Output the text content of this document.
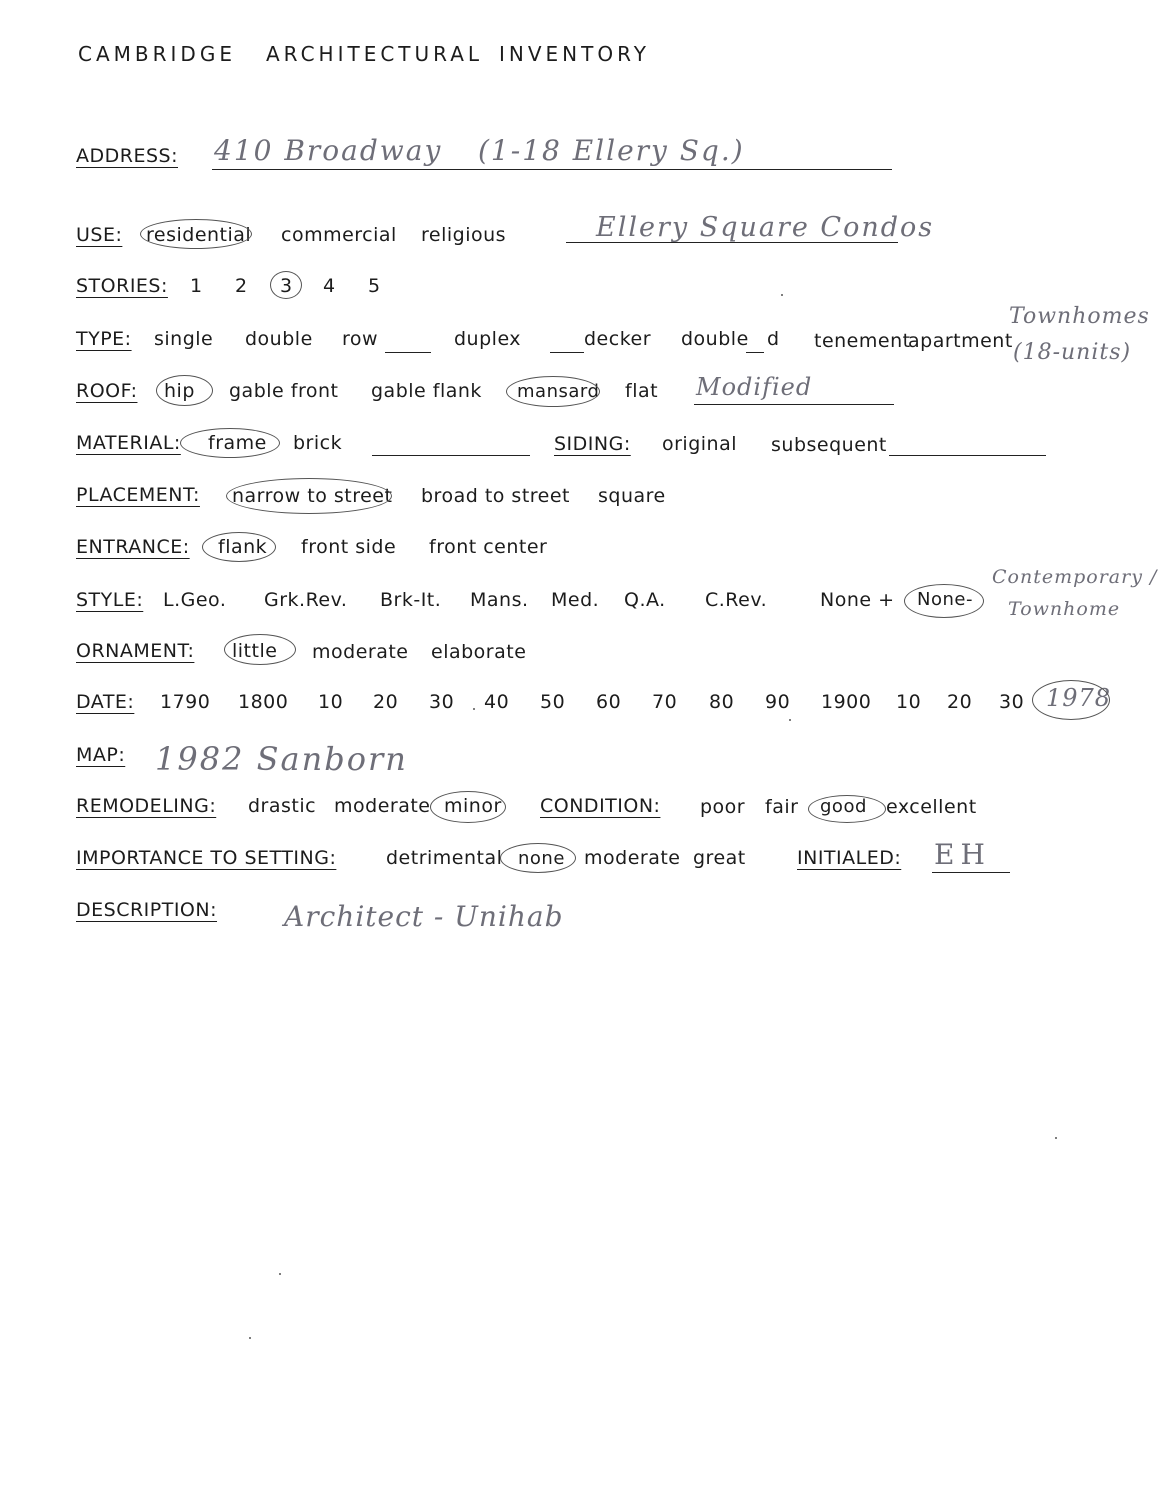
CAMBRIDGE ARCHITECTURAL INVENTORY
ADDRESS: 410 Broadway (1-18 Ellery Sq.)
USE: residential commercial religious	Ellery Square Condos
STORIES: 1 2 3 4 5
TYPE: single double row	duplex	decker double d tenement
apartment
Townhomes
(18-units)
ROOF: hip gable front gable flank mansard flat Modified
MATERIAL: frame brick	SIDING: original subsequent
PLACEMENT: narrow to street broad to street square
ENTRANCE: flank front side front center
STYLE: L.Geo. Grk.Rev. Brk-It. Mans. Med. Q.A. C.Rev.	None + None-
Contemporary /
Townhome
ORNAMENT: little moderate elaborate
DATE: 1790 1800 10 20 30 40 50 60 70 80 90 1900 10 20 30 1978
MAP: 1982 Sanborn
REMODELING: drastic moderate minor CONDITION: poor fair good excellent
IMPORTANCE TO SETTING:	detrimental none moderate great	INITIALED: EH
DESCRIPTION: Architect - Unihab
